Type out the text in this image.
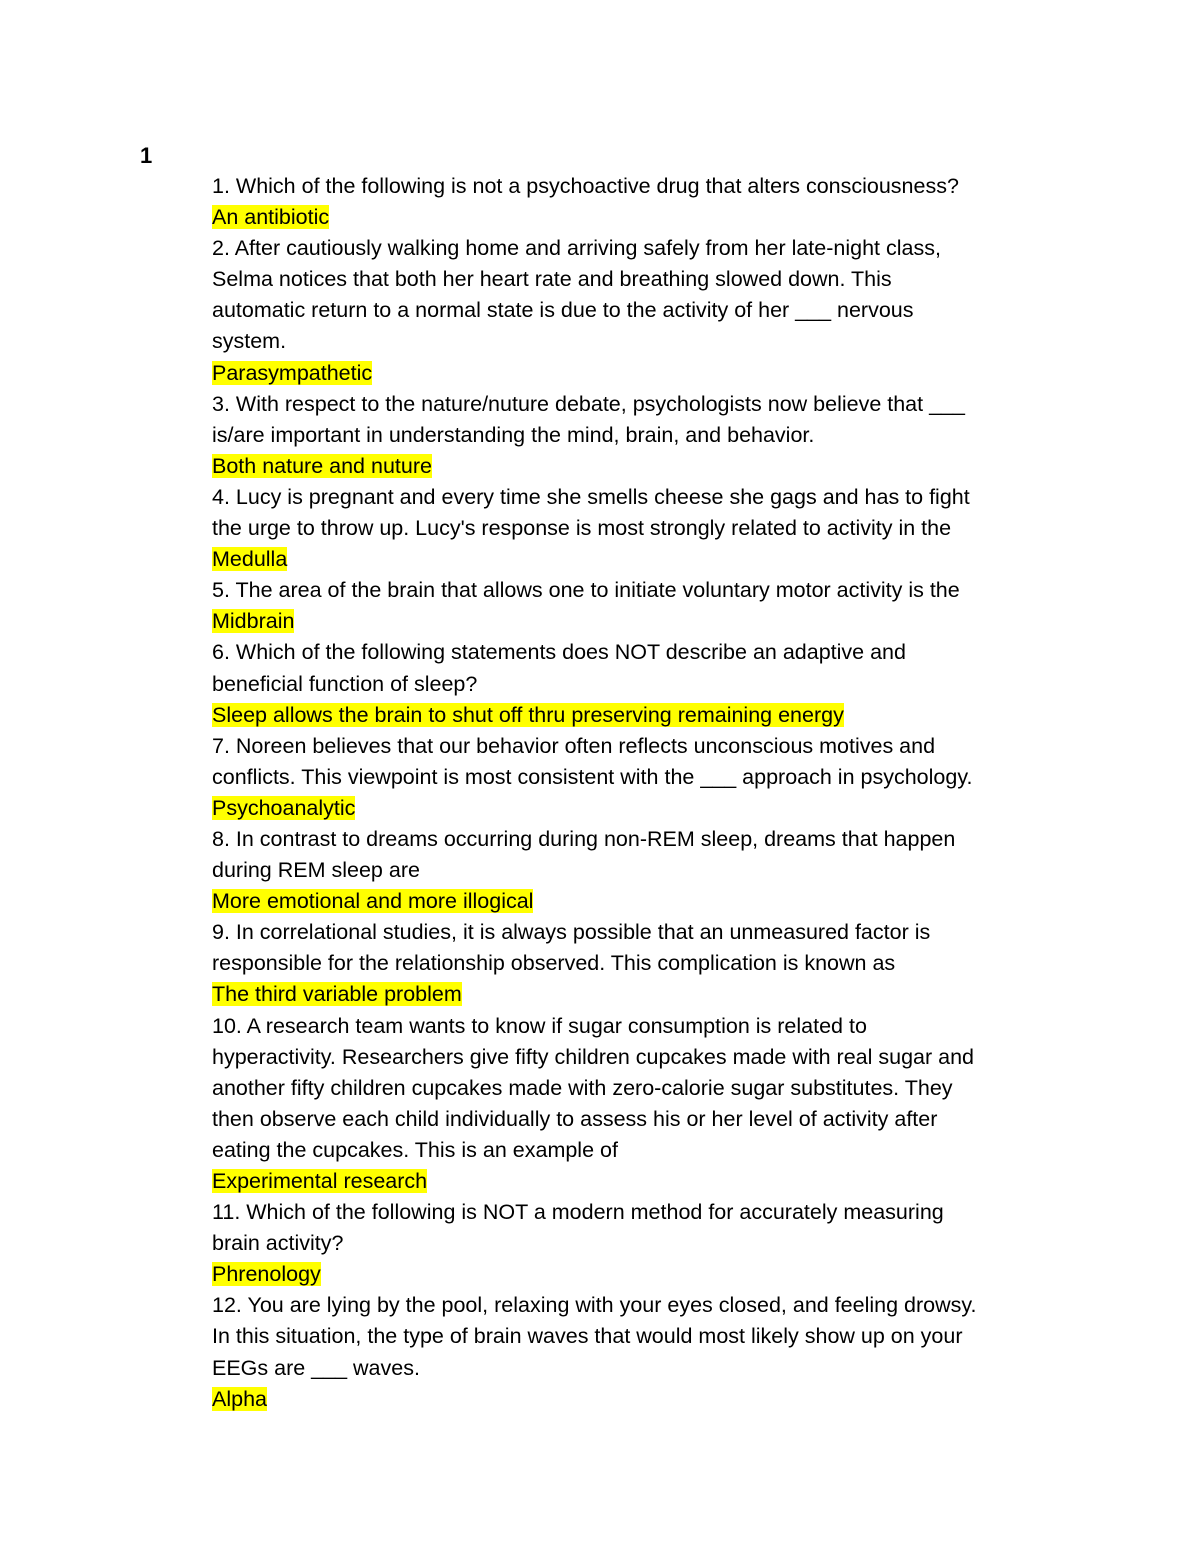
1
1. Which of the following is not a psychoactive drug that alters consciousness?
An antibiotic
2. After cautiously walking home and arriving safely from her late-night class,
Selma notices that both her heart rate and breathing slowed down. This
automatic return to a normal state is due to the activity of her ___ nervous
system.
Parasympathetic
3. With respect to the nature/nuture debate, psychologists now believe that ___
is/are important in understanding the mind, brain, and behavior.
Both nature and nuture
4. Lucy is pregnant and every time she smells cheese she gags and has to fight
the urge to throw up. Lucy's response is most strongly related to activity in the
Medulla
5. The area of the brain that allows one to initiate voluntary motor activity is the
Midbrain
6. Which of the following statements does NOT describe an adaptive and
beneficial function of sleep?
Sleep allows the brain to shut off thru preserving remaining energy
7. Noreen believes that our behavior often reflects unconscious motives and
conflicts. This viewpoint is most consistent with the ___ approach in psychology.
Psychoanalytic
8. In contrast to dreams occurring during non-REM sleep, dreams that happen
during REM sleep are
More emotional and more illogical
9. In correlational studies, it is always possible that an unmeasured factor is
responsible for the relationship observed. This complication is known as
The third variable problem
10. A research team wants to know if sugar consumption is related to
hyperactivity. Researchers give fifty children cupcakes made with real sugar and
another fifty children cupcakes made with zero-calorie sugar substitutes. They
then observe each child individually to assess his or her level of activity after
eating the cupcakes. This is an example of
Experimental research
11. Which of the following is NOT a modern method for accurately measuring
brain activity?
Phrenology
12. You are lying by the pool, relaxing with your eyes closed, and feeling drowsy.
In this situation, the type of brain waves that would most likely show up on your
EEGs are ___ waves.
Alpha
